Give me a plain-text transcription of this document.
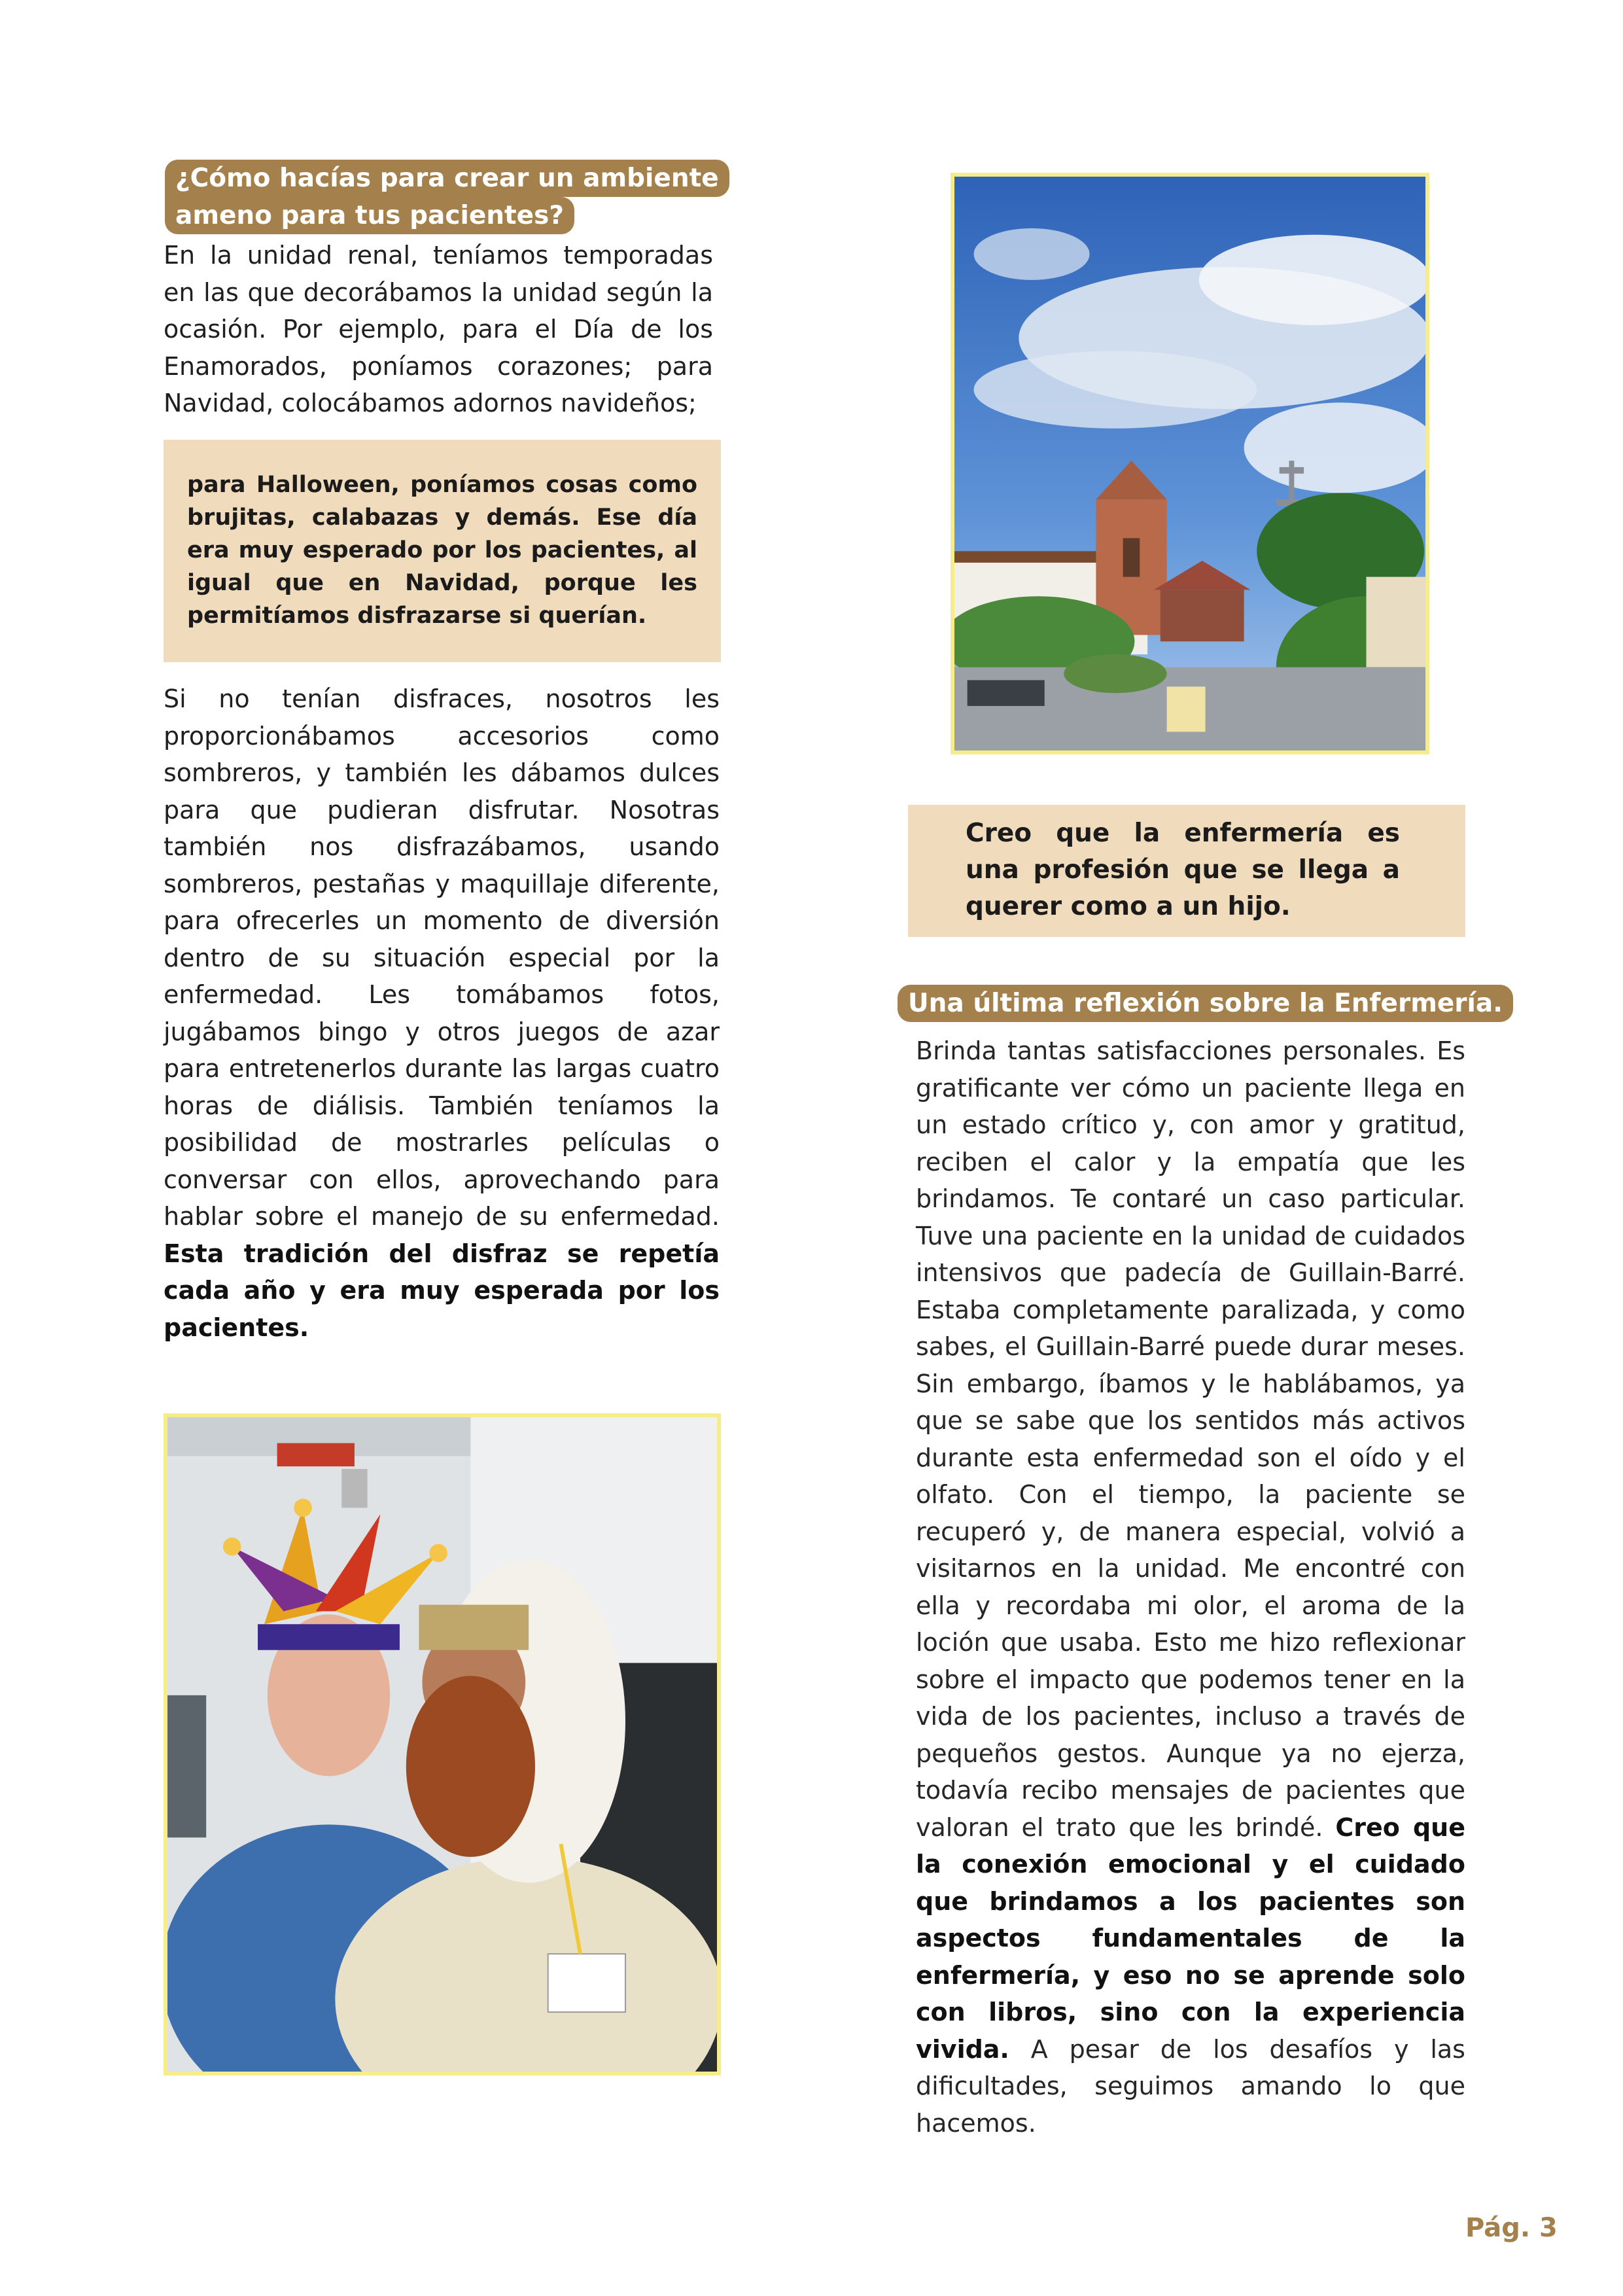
¿Cómo hacías para crear un ambiente
ameno para tus pacientes?
En la unidad renal, teníamos temporadas en las que decorábamos la unidad según la ocasión. Por ejemplo, para el Día de los Enamorados, poníamos corazones; para Navidad, colocábamos adornos navideños;

para Halloween, poníamos cosas como brujitas, calabazas y demás. Ese día era muy esperado por los pacientes, al igual que en Navidad, porque les permitíamos disfrazarse si querían.

Si no tenían disfraces, nosotros les proporcionábamos accesorios como sombreros, y también les dábamos dulces para que pudieran disfrutar. Nosotras también nos disfrazábamos, usando sombreros, pestañas y maquillaje diferente, para ofrecerles un momento de diversión dentro de su situación especial por la enfermedad. Les tomábamos fotos, jugábamos bingo y otros juegos de azar para entretenerlos durante las largas cuatro horas de diálisis. También teníamos la posibilidad de mostrarles películas o conversar con ellos, aprovechando para hablar sobre el manejo de su enfermedad. Esta tradición del disfraz se repetía cada año y era muy esperada por los pacientes.

Creo que la enfermería es una profesión que se llega a querer como a un hijo.

Una última reflexión sobre la Enfermería.
Brinda tantas satisfacciones personales. Es gratificante ver cómo un paciente llega en un estado crítico y, con amor y gratitud, reciben el calor y la empatía que les brindamos. Te contaré un caso particular. Tuve una paciente en la unidad de cuidados intensivos que padecía de Guillain-Barré. Estaba completamente paralizada, y como sabes, el Guillain-Barré puede durar meses. Sin embargo, íbamos y le hablábamos, ya que se sabe que los sentidos más activos durante esta enfermedad son el oído y el olfato. Con el tiempo, la paciente se recuperó y, de manera especial, volvió a visitarnos en la unidad. Me encontré con ella y recordaba mi olor, el aroma de la loción que usaba. Esto me hizo reflexionar sobre el impacto que podemos tener en la vida de los pacientes, incluso a través de pequeños gestos. Aunque ya no ejerza, todavía recibo mensajes de pacientes que valoran el trato que les brindé. Creo que la conexión emocional y el cuidado que brindamos a los pacientes son aspectos fundamentales de la enfermería, y eso no se aprende solo con libros, sino con la experiencia vivida. A pesar de los desafíos y las dificultades, seguimos amando lo que hacemos.
Pág. 3
